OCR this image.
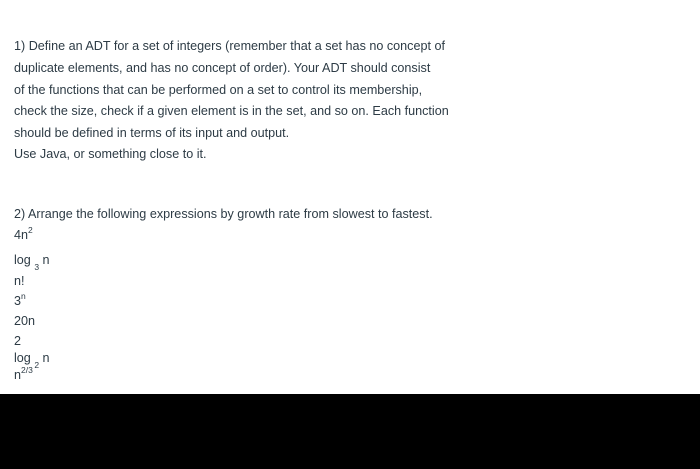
1) Define an ADT for a set of integers (remember that a set has no concept of
duplicate elements, and has no concept of order). Your ADT should consist
of the functions that can be performed on a set to control its membership,
check the size, check if a given element is in the set, and so on. Each function
should be defined in terms of its input and output.

Use Java, or something close to it.
2) Arrange the following expressions by growth rate from slowest to fastest.
$4n^2$
log $_3$ n
n!
3$^n$
20n
2
log $_2$ n
$n^{2/3}$
